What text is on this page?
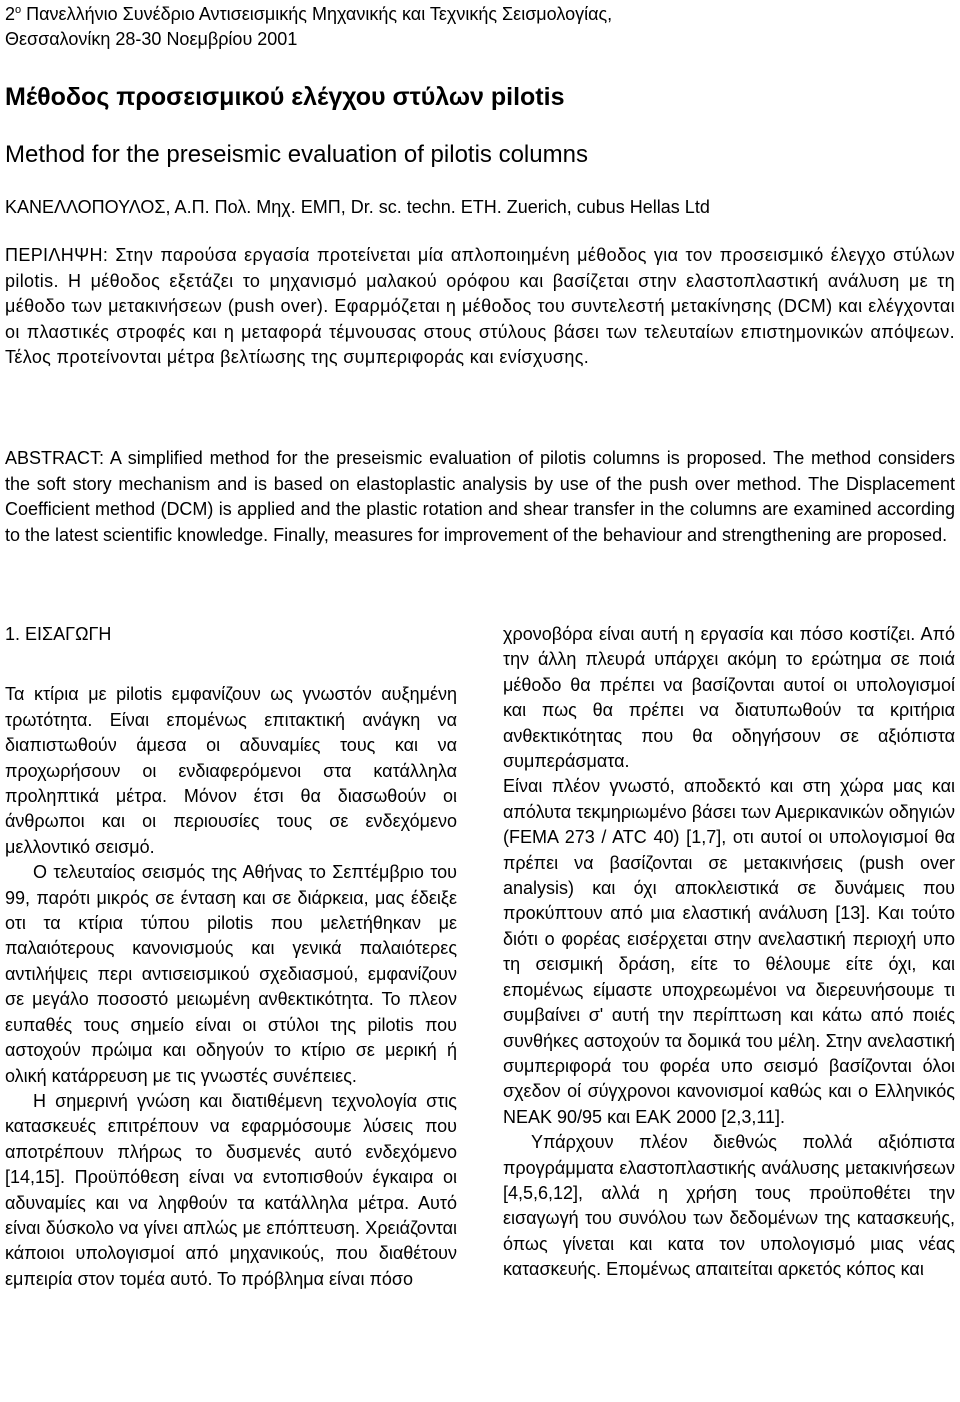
$2^o$ Πανελλήνιο Συνέδριο Αντισεισμικής Μηχανικής και Τεχνικής Σεισμολογίας,
Θεσσαλονίκη 28-30 Νοεμβρίου 2001
Μέθοδος προσεισμικού ελέγχου στύλων pilotis
Method for the preseismic evaluation of pilotis columns
ΚΑΝΕΛΛΟΠΟΥΛΟΣ, Α.Π. Πολ. Μηχ. ΕΜΠ, Dr. sc. techn. ETH. Zuerich, cubus Hellas Ltd

ΠΕΡΙΛΗΨΗ: Στην παρούσα εργασία προτείνεται μία απλοποιημένη μέθοδος για τον προσεισμικό έλεγχο στύλων pilotis. Η μέθοδος εξετάζει το μηχανισμό μαλακού ορόφου και βασίζεται στην ελαστοπλαστική ανάλυση με τη μέθοδο των μετακινήσεων (push over). Εφαρμόζεται η μέθοδος του συντελεστή μετακίνησης (DCM) και ελέγχονται οι πλαστικές στροφές και η μεταφορά τέμνουσας στους στύλους βάσει των τελευταίων επιστημονικών απόψεων. Τέλος προτείνονται μέτρα βελτίωσης της συμπεριφοράς και ενίσχυσης.

ABSTRACT: A simplified method for the preseismic evaluation of pilotis columns is proposed. The method considers the soft story mechanism and is based on elastoplastic analysis by use of the push over method. The Displacement Coefficient method (DCM) is applied and the plastic rotation and shear transfer in the columns are examined according to the latest scientific knowledge. Finally, measures for improvement of the behaviour and strengthening are proposed.

1. ΕΙΣΑΓΩΓΗ

Τα κτίρια με pilotis εμφανίζουν ως γνωστόν αυξημένη τρωτότητα. Είναι επομένως επιτακτική ανάγκη να διαπιστωθούν άμεσα οι αδυναμίες τους και να προχωρήσουν οι ενδιαφερόμενοι στα κατάλληλα προληπτικά μέτρα. Μόνον έτσι θα διασωθούν οι άνθρωποι και οι περιουσίες τους σε ενδεχόμενο μελλοντικό σεισμό.

Ο τελευταίος σεισμός της Αθήνας το Σεπτέμβριο του 99, παρότι μικρός σε ένταση και σε διάρκεια, μας έδειξε οτι τα κτίρια τύπου pilotis που μελετήθηκαν με παλαιότερους κανονισμούς και γενικά παλαιότερες αντιλήψεις περι αντισεισμικού σχεδιασμού, εμφανίζουν σε μεγάλο ποσοστό μειωμένη ανθεκτικότητα. Το πλεον ευπαθές τους σημείο είναι οι στύλοι της pilotis που αστοχούν πρώιμα και οδηγούν το κτίριο σε μερική ή ολική κατάρρευση με τις γνωστές συνέπειες.

Η σημερινή γνώση και διατιθέμενη τεχνολογία στις κατασκευές επιτρέπουν να εφαρμόσουμε λύσεις που αποτρέπουν πλήρως το δυσμενές αυτό ενδεχόμενο [14,15]. Προϋπόθεση είναι να εντοπισθούν έγκαιρα οι αδυναμίες και να ληφθούν τα κατάλληλα μέτρα. Αυτό είναι δύσκολο να γίνει απλώς με επόπτευση. Χρειάζονται κάποιοι υπολογισμοί από μηχανικούς, που διαθέτουν εμπειρία στον τομέα αυτό. Το πρόβλημα είναι πόσο

χρονοβόρα είναι αυτή η εργασία και πόσο κοστίζει. Από την άλλη πλευρά υπάρχει ακόμη το ερώτημα σε ποιά μέθοδο θα πρέπει να βασίζονται αυτοί οι υπολογισμοί και πως θα πρέπει να διατυπωθούν τα κριτήρια ανθεκτικότητας που θα οδηγήσουν σε αξιόπιστα συμπεράσματα.

Είναι πλέον γνωστό, αποδεκτό και στη χώρα μας και απόλυτα τεκμηριωμένο βάσει των Αμερικανικών οδηγιών (FEMA 273 / ATC 40) [1,7], οτι αυτοί οι υπολογισμοί θα πρέπει να βασίζονται σε μετακινήσεις (push over analysis) και όχι αποκλειστικά σε δυνάμεις που προκύπτουν από μια ελαστική ανάλυση [13]. Και τούτο διότι ο φορέας εισέρχεται στην ανελαστική περιοχή υπο τη σεισμική δράση, είτε το θέλουμε είτε όχι, και επομένως είμαστε υποχρεωμένοι να διερευνήσουμε τι συμβαίνει σ' αυτή την περίπτωση και κάτω από ποιές συνθήκες αστοχούν τα δομικά του μέλη. Στην ανελαστική συμπεριφορά του φορέα υπο σεισμό βασίζονται όλοι σχεδον οί σύγχρονοι κανονισμοί καθώς και ο Ελληνικός ΝΕΑΚ 90/95 και ΕΑΚ 2000 [2,3,11].

Υπάρχουν πλέον διεθνώς πολλά αξιόπιστα προγράμματα ελαστοπλαστικής ανάλυσης μετακινήσεων [4,5,6,12], αλλά η χρήση τους προϋποθέτει την εισαγωγή του συνόλου των δεδομένων της κατασκευής, όπως γίνεται και κατα τον υπολογισμό μιας νέας κατασκευής. Επομένως απαιτείται αρκετός κόπος και
